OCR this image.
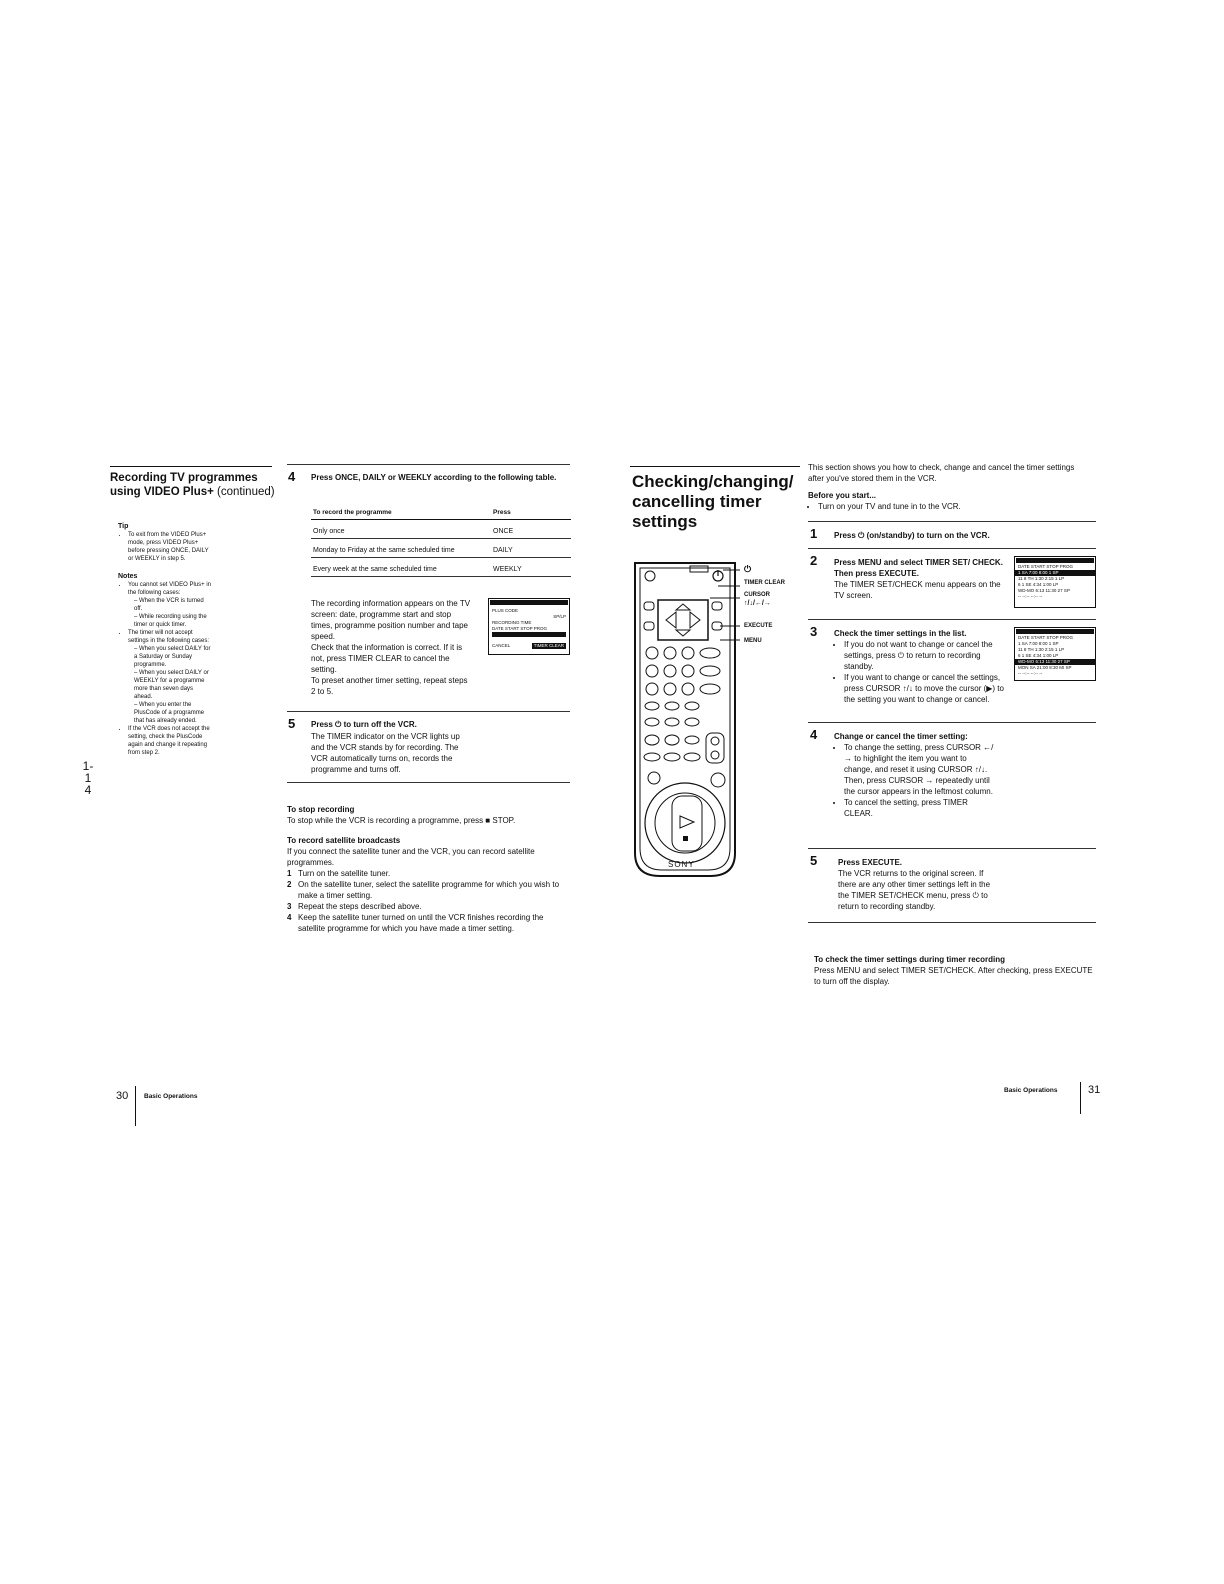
Recording TV programmes using VIDEO Plus+ (continued)
1-14
Tip
• To exit from the VIDEO Plus+ mode, press VIDEO Plus+ before pressing ONCE, DAILY or WEEKLY in step 5.
Notes
• You cannot set VIDEO Plus+ in the following cases:
– When the VCR is turned off.
– While recording using the timer or quick timer.
• The timer will not accept settings in the following cases:
– When you select DAILY for a Saturday or Sunday programme.
– When you select DAILY or WEEKLY for a programme more than seven days ahead.
– When you enter the PlusCode of a programme that has already ended.
• If the VCR does not accept the setting, check the PlusCode again and change it repeating from step 2.
4 Press ONCE, DAILY or WEEKLY according to the following table.
To record the programme	Press
Only once	ONCE
Monday to Friday at the same scheduled time	DAILY
Every week at the same scheduled time	WEEKLY
The recording information appears on the TV screen: date, programme start and stop times, programme position number and tape speed.
Check that the information is correct. If it is not, press TIMER CLEAR to cancel the setting.
To preset another timer setting, repeat steps 2 to 5.
PLUS CODE
SP/LP
RECORDING TIME
DATE START STOP PROG
CANCEL	TIMER CLEAR
5 Press ⏻ to turn off the VCR.
The TIMER indicator on the VCR lights up and the VCR stands by for recording. The VCR automatically turns on, records the programme and turns off.
To stop recording
To stop while the VCR is recording a programme, press ■ STOP.
To record satellite broadcasts
If you connect the satellite tuner and the VCR, you can record satellite programmes.
1 Turn on the satellite tuner.
2 On the satellite tuner, select the satellite programme for which you wish to make a timer setting.
3 Repeat the steps described above.
4 Keep the satellite tuner turned on until the VCR finishes recording the satellite programme for which you have made a timer setting.
30 Basic Operations
Checking/changing/ cancelling timer settings
⏻
TIMER CLEAR
CURSOR
↑/↓/←/→
EXECUTE
MENU
SONY
This section shows you how to check, change and cancel the timer settings after you've stored them in the VCR.
Before you start...
• Turn on your TV and tune in to the VCR.
1 Press ⏻ (on/standby) to turn on the VCR.
2 Press MENU and select TIMER SET/ CHECK. Then press EXECUTE.
The TIMER SET/CHECK menu appears on the TV screen.
DATE START STOP PROG
1 SA 7:00 8:00 1 SP
11 8 TH 1:30 2:15 1 LP
6 1 SE 4:34 1:00 LP
WD-MO 6:13 11:30 27 SP
-- --:-- --:-- --
3 Check the timer settings in the list.
• If you do not want to change or cancel the settings, press ⏻ to return to recording standby.
• If you want to change or cancel the settings, press CURSOR ↑/↓ to move the cursor (▶) to the setting you want to change or cancel.
DATE START STOP PROG
1 SA 7:00 8:00 1 SP
11 8 TH 1:30 2:15 1 LP
6 1 SE 4:34 1:00 LP
WD-MO 6:13 11:30 27 SP
MON SA 21:00 8:30 MI SP
-- --:-- --:-- --
4 Change or cancel the timer setting:
• To change the setting, press CURSOR ←/→ to highlight the item you want to change, and reset it using CURSOR ↑/↓. Then, press CURSOR → repeatedly until the cursor appears in the leftmost column.
• To cancel the setting, press TIMER CLEAR.
5	Press EXECUTE.
The VCR returns to the original screen. If there are any other timer settings left in the the TIMER SET/CHECK menu, press ⏻ to return to recording standby.
To check the timer settings during timer recording
Press MENU and select TIMER SET/CHECK. After checking, press EXECUTE to turn off the display.
Basic Operations	31
